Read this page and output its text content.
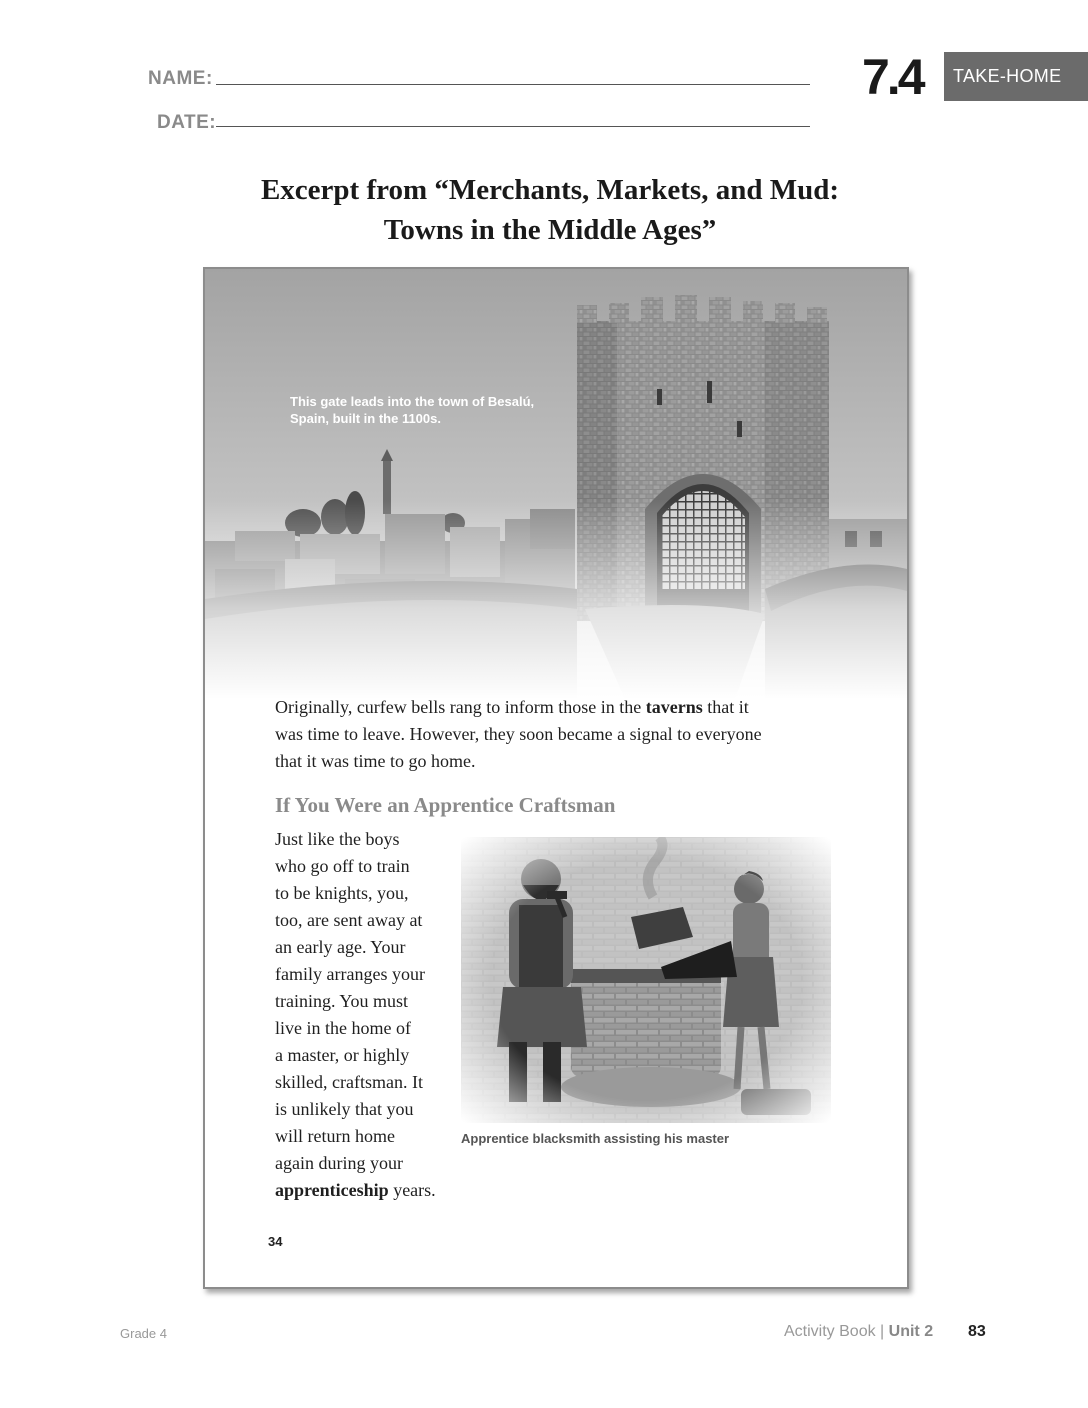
NAME:
DATE:
7.4	TAKE-HOME
Excerpt from “Merchants, Markets, and Mud:
Towns in the Middle Ages”
This gate leads into the town of Besalú,
Spain, built in the 1100s.
Originally, curfew bells rang to inform those in the taverns that it
was time to leave. However, they soon became a signal to everyone
that it was time to go home.
If You Were an Apprentice Craftsman
Just like the boys
who go off to train
to be knights, you,
too, are sent away at
an early age. Your
family arranges your
training. You must
live in the home of
a master, or highly
skilled, craftsman. It
is unlikely that you
will return home
again during your
apprenticeship years.
Apprentice blacksmith assisting his master
34
Grade 4	Activity Book | Unit 2 83
